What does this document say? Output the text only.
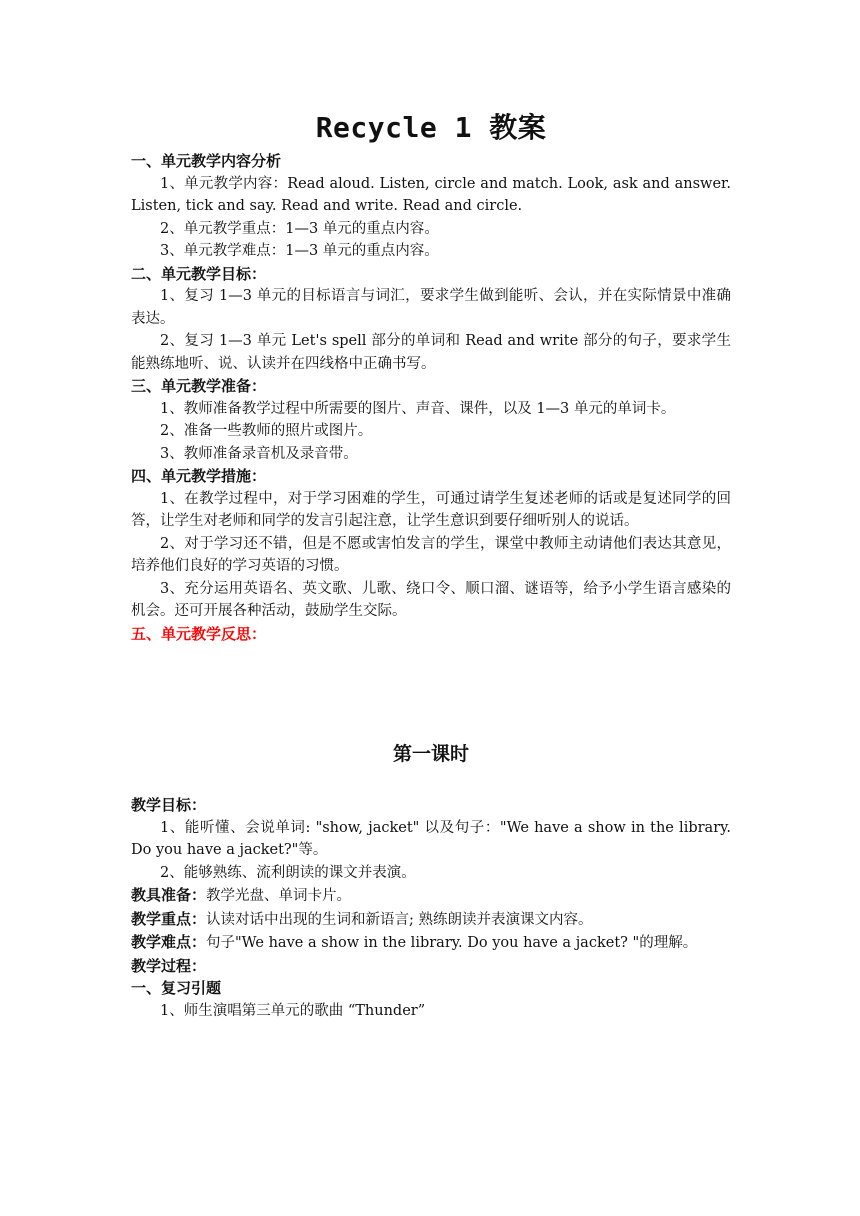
Recycle 1 教案
一、单元教学内容分析

1、单元教学内容：Read aloud. Listen, circle and match. Look, ask and answer. Listen, tick and say. Read and write. Read and circle.

2、单元教学重点：1—3 单元的重点内容。

3、单元教学难点：1—3 单元的重点内容。

二、单元教学目标：

1、复习 1—3 单元的目标语言与词汇，要求学生做到能听、会认，并在实际情景中准确表达。

2、复习 1—3 单元 Let's spell 部分的单词和 Read and write 部分的句子，要求学生能熟练地听、说、认读并在四线格中正确书写。

三、单元教学准备：

1、教师准备教学过程中所需要的图片、声音、课件，以及 1—3 单元的单词卡。

2、准备一些教师的照片或图片。

3、教师准备录音机及录音带。

四、单元教学措施：

1、在教学过程中，对于学习困难的学生，可通过请学生复述老师的话或是复述同学的回答，让学生对老师和同学的发言引起注意，让学生意识到要仔细听别人的说话。

2、对于学习还不错，但是不愿或害怕发言的学生，课堂中教师主动请他们表达其意见，培养他们良好的学习英语的习惯。

3、充分运用英语名、英文歌、儿歌、绕口令、顺口溜、谜语等，给予小学生语言感染的机会。还可开展各种活动，鼓励学生交际。

五、单元教学反思：
第一课时
教学目标：

1、能听懂、会说单词: "show, jacket" 以及句子："We have a show in the library. Do you have a jacket?"等。

2、能够熟练、流利朗读的课文并表演。

教具准备：教学光盘、单词卡片。

教学重点：认读对话中出现的生词和新语言; 熟练朗读并表演课文内容。

教学难点：句子"We have a show in the library. Do you have a jacket? "的理解。

教学过程：
一、复习引题

1、师生演唱第三单元的歌曲 “Thunder”
